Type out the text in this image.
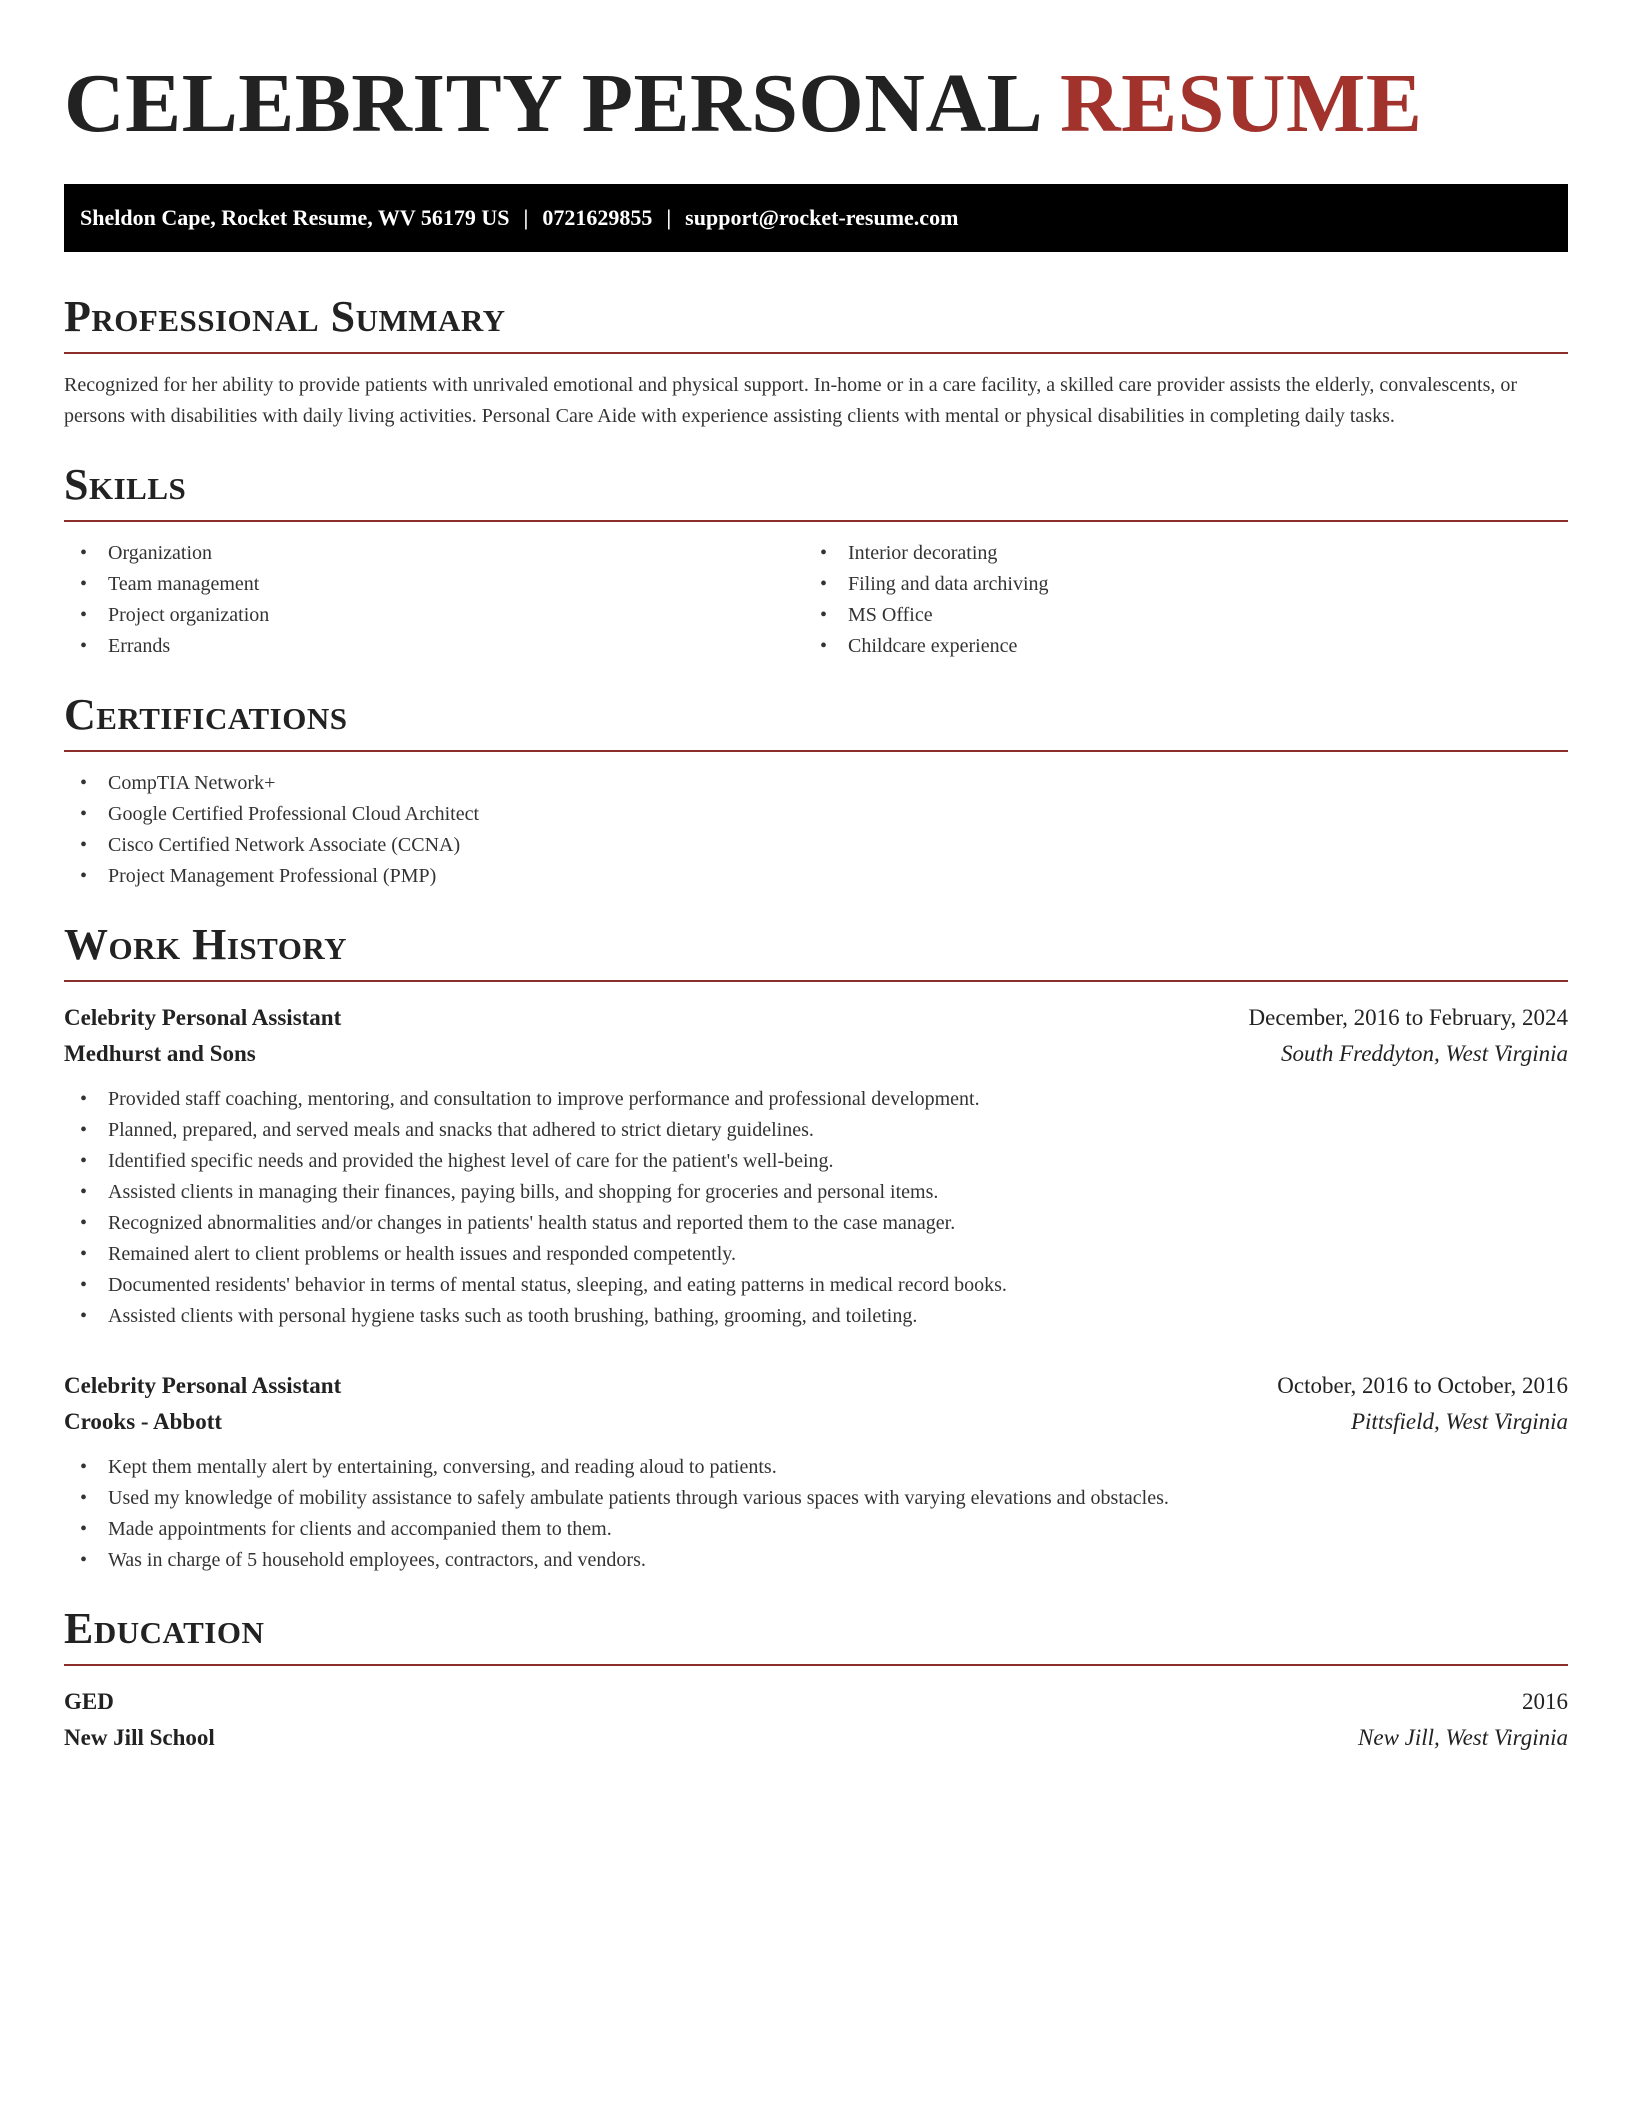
CELEBRITY PERSONAL RESUME
Sheldon Cape, Rocket Resume, WV 56179 US | 0721629855 | support@rocket-resume.com
Professional Summary

Recognized for her ability to provide patients with unrivaled emotional and physical support. In-home or in a care facility, a skilled care provider assists the elderly, convalescents, or persons with disabilities with daily living activities. Personal Care Aide with experience assisting clients with mental or physical disabilities in completing daily tasks.

Skills
• Organization
• Team management
• Project organization
• Errands
• Interior decorating
• Filing and data archiving
• MS Office
• Childcare experience
Certifications
• CompTIA Network+
• Google Certified Professional Cloud Architect
• Cisco Certified Network Associate (CCNA)
• Project Management Professional (PMP)
Work History
Celebrity Personal Assistant	December, 2016 to February, 2024
Medhurst and Sons	South Freddyton, West Virginia
• Provided staff coaching, mentoring, and consultation to improve performance and professional development.
• Planned, prepared, and served meals and snacks that adhered to strict dietary guidelines.
• Identified specific needs and provided the highest level of care for the patient's well-being.
• Assisted clients in managing their finances, paying bills, and shopping for groceries and personal items.
• Recognized abnormalities and/or changes in patients' health status and reported them to the case manager.
• Remained alert to client problems or health issues and responded competently.
• Documented residents' behavior in terms of mental status, sleeping, and eating patterns in medical record books.
• Assisted clients with personal hygiene tasks such as tooth brushing, bathing, grooming, and toileting.
Celebrity Personal Assistant	October, 2016 to October, 2016
Crooks - Abbott	Pittsfield, West Virginia
• Kept them mentally alert by entertaining, conversing, and reading aloud to patients.
• Used my knowledge of mobility assistance to safely ambulate patients through various spaces with varying elevations and obstacles.
• Made appointments for clients and accompanied them to them.
• Was in charge of 5 household employees, contractors, and vendors.
Education
GED	2016
New Jill School	New Jill, West Virginia
